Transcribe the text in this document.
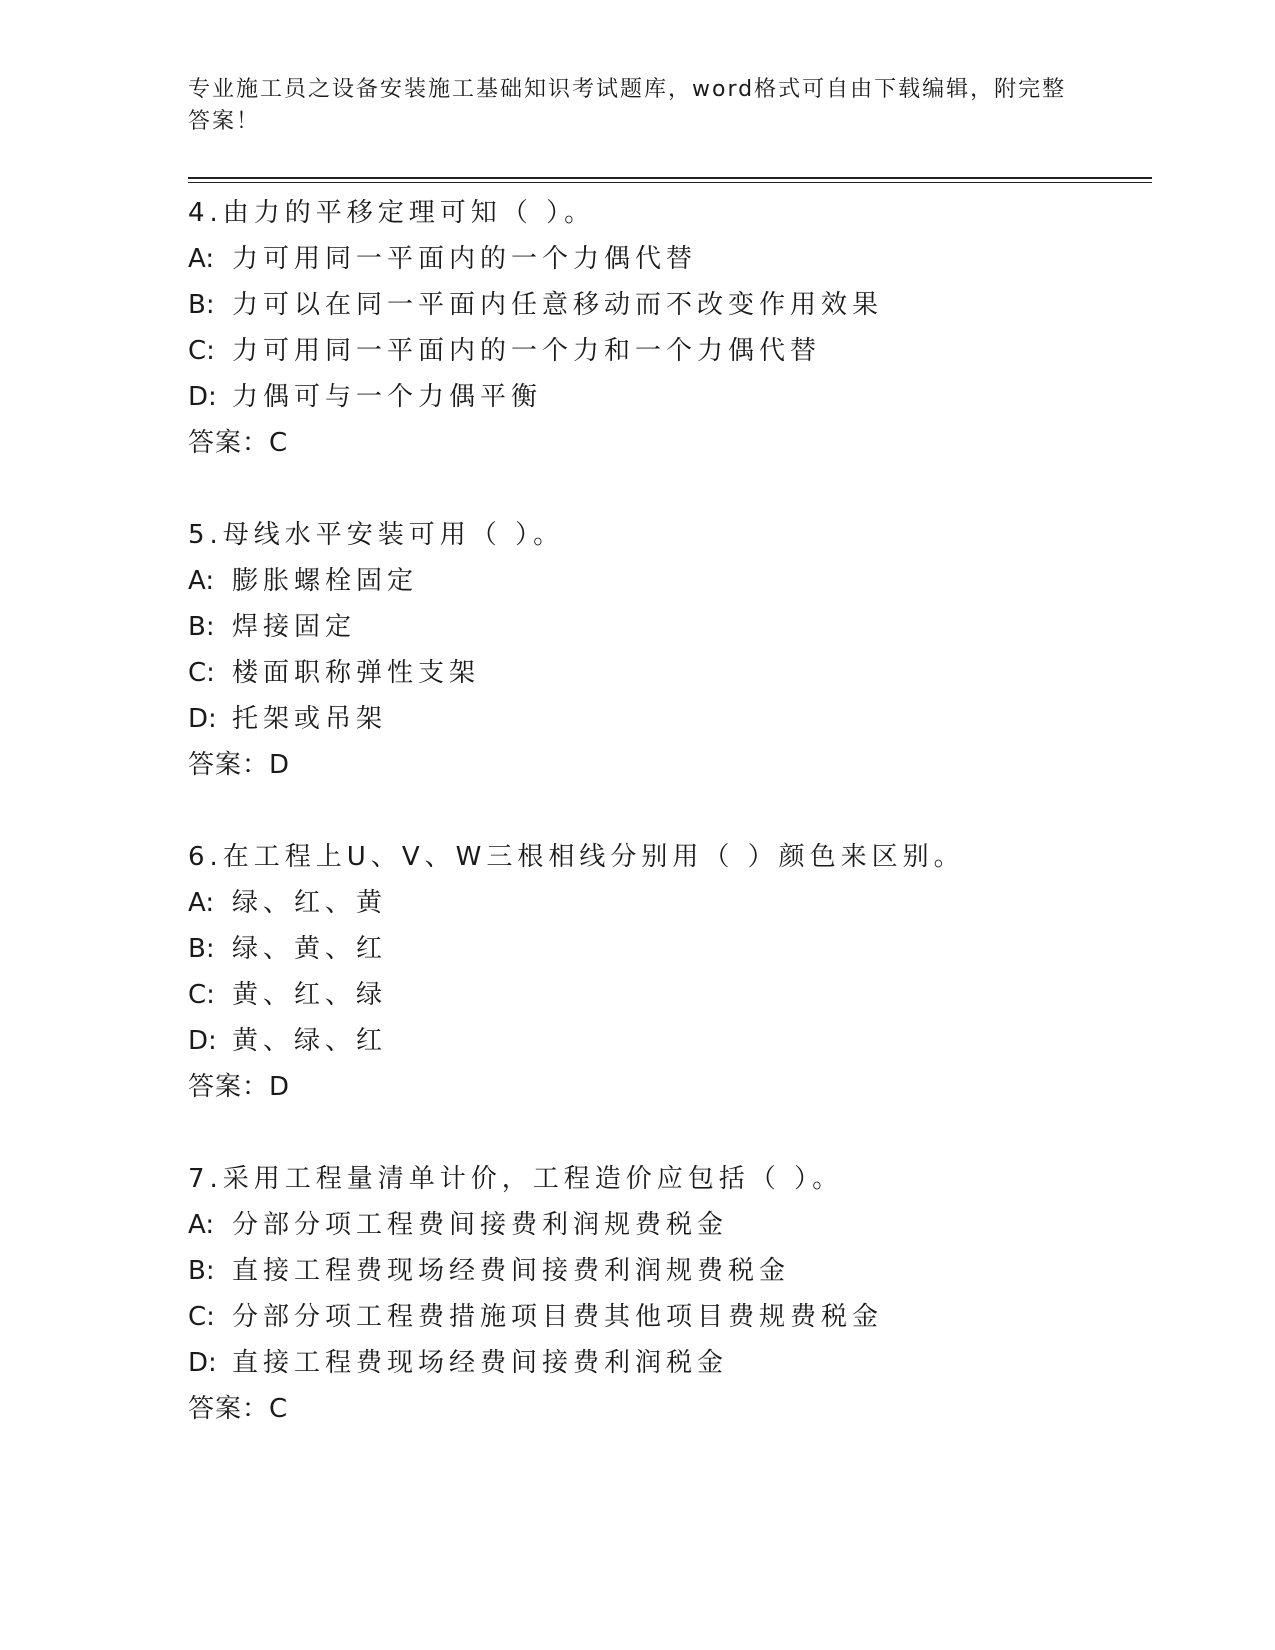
专业施工员之设备安装施工基础知识考试题库，word格式可自由下载编辑，附完整答案！
4.由力的平移定理可知（ ）。
A: 力可用同一平面内的一个力偶代替
B: 力可以在同一平面内任意移动而不改变作用效果
C: 力可用同一平面内的一个力和一个力偶代替
D: 力偶可与一个力偶平衡
答案：C
5.母线水平安装可用（ ）。
A: 膨胀螺栓固定
B: 焊接固定
C: 楼面职称弹性支架
D: 托架或吊架
答案：D
6.在工程上U、V、W三根相线分别用（ ）颜色来区别。
A: 绿、红、黄
B: 绿、黄、红
C: 黄、红、绿
D: 黄、绿、红
答案：D
7.采用工程量清单计价，工程造价应包括（ ）。
A: 分部分项工程费间接费利润规费税金
B: 直接工程费现场经费间接费利润规费税金
C: 分部分项工程费措施项目费其他项目费规费税金
D: 直接工程费现场经费间接费利润税金
答案：C
